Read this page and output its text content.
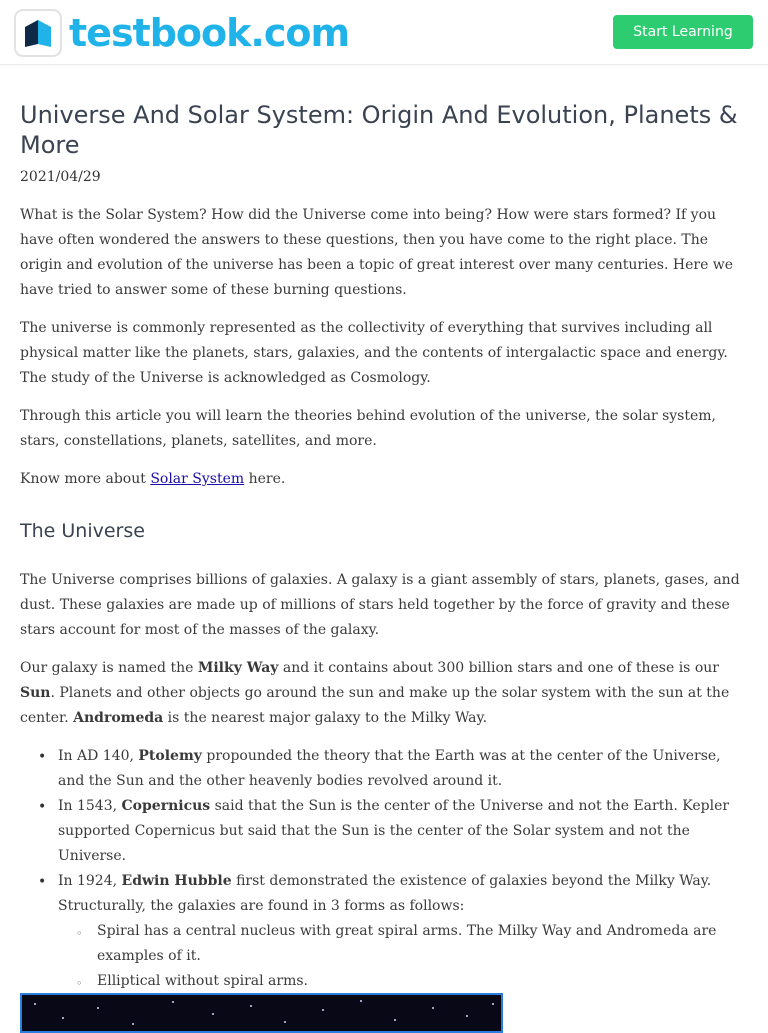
testbook.com	Start Learning
Universe And Solar System: Origin And Evolution, Planets & More
2021/04/29

What is the Solar System? How did the Universe come into being? How were stars formed? If you have often wondered the answers to these questions, then you have come to the right place. The origin and evolution of the universe has been a topic of great interest over many centuries. Here we have tried to answer some of these burning questions.

The universe is commonly represented as the collectivity of everything that survives including all physical matter like the planets, stars, galaxies, and the contents of intergalactic space and energy. The study of the Universe is acknowledged as Cosmology.

Through this article you will learn the theories behind evolution of the universe, the solar system, stars, constellations, planets, satellites, and more.

Know more about Solar System here.

The Universe

The Universe comprises billions of galaxies. A galaxy is a giant assembly of stars, planets, gases, and dust. These galaxies are made up of millions of stars held together by the force of gravity and these stars account for most of the masses of the galaxy.

Our galaxy is named the Milky Way and it contains about 300 billion stars and one of these is our Sun. Planets and other objects go around the sun and make up the solar system with the sun at the center. Andromeda is the nearest major galaxy to the Milky Way.

• In AD 140, Ptolemy propounded the theory that the Earth was at the center of the Universe, and the Sun and the other heavenly bodies revolved around it.
• In 1543, Copernicus said that the Sun is the center of the Universe and not the Earth. Kepler supported Copernicus but said that the Sun is the center of the Solar system and not the Universe.
• In 1924, Edwin Hubble first demonstrated the existence of galaxies beyond the Milky Way. Structurally, the galaxies are found in 3 forms as follows:
◦ Spiral has a central nucleus with great spiral arms. The Milky Way and Andromeda are examples of it.
◦ Elliptical without spiral arms.
◦
